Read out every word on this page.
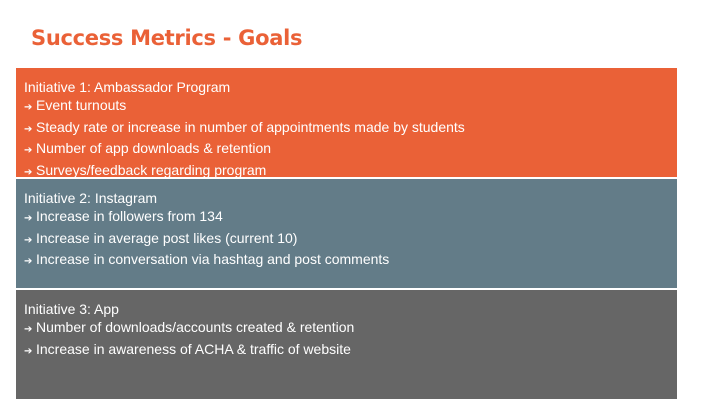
Success Metrics - Goals
Initiative 1: Ambassador Program
➔ Event turnouts
➔ Steady rate or increase in number of appointments made by students
➔ Number of app downloads & retention
➔ Surveys/feedback regarding program
Initiative 2: Instagram
➔ Increase in followers from 134
➔ Increase in average post likes (current 10)
➔ Increase in conversation via hashtag and post comments
Initiative 3: App
➔ Number of downloads/accounts created & retention
➔ Increase in awareness of ACHA & traffic of website
